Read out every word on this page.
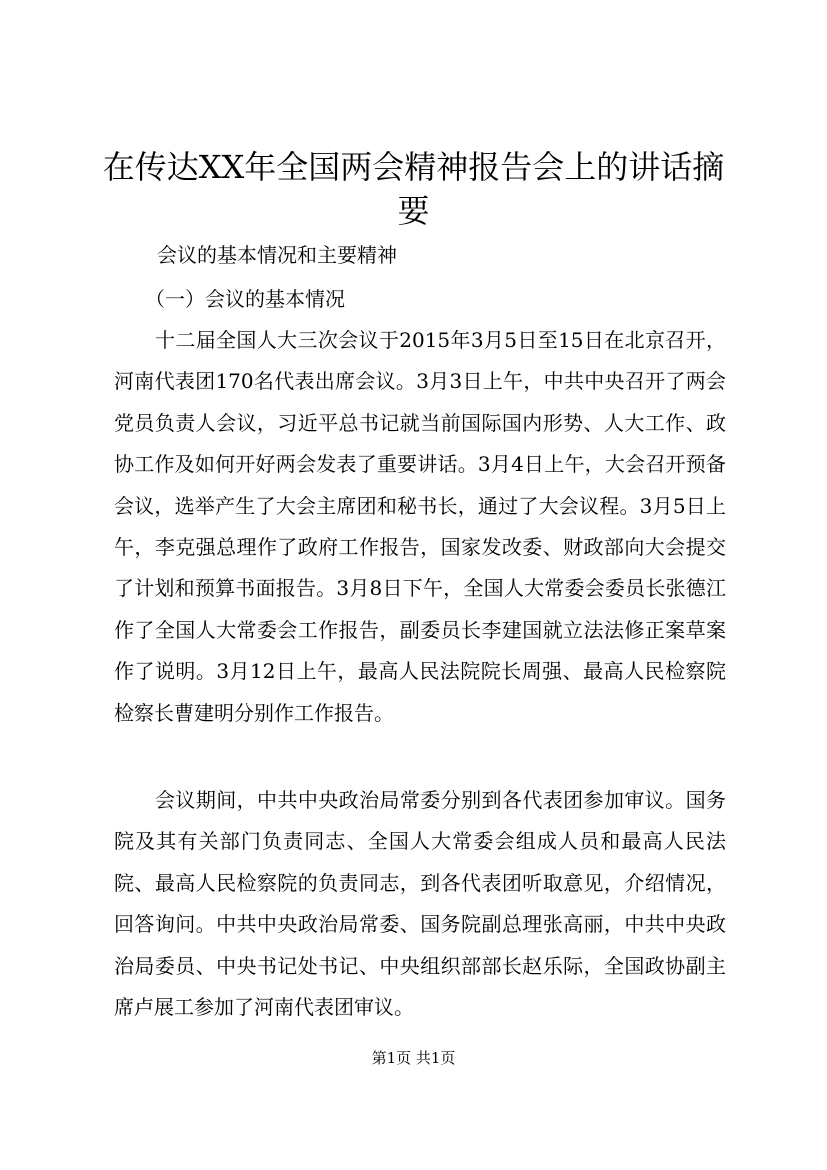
在传达XX年全国两会精神报告会上的讲话摘要

会议的基本情况和主要精神

（一）会议的基本情况

十二届全国人大三次会议于2015年3月5日至15日在北京召开，河南代表团170名代表出席会议。3月3日上午，中共中央召开了两会党员负责人会议，习近平总书记就当前国际国内形势、人大工作、政协工作及如何开好两会发表了重要讲话。3月4日上午，大会召开预备会议，选举产生了大会主席团和秘书长，通过了大会议程。3月5日上午，李克强总理作了政府工作报告，国家发改委、财政部向大会提交了计划和预算书面报告。3月8日下午，全国人大常委会委员长张德江作了全国人大常委会工作报告，副委员长李建国就立法法修正案草案作了说明。3月12日上午，最高人民法院院长周强、最高人民检察院检察长曹建明分别作工作报告。

会议期间，中共中央政治局常委分别到各代表团参加审议。国务院及其有关部门负责同志、全国人大常委会组成人员和最高人民法院、最高人民检察院的负责同志，到各代表团听取意见，介绍情况，回答询问。中共中央政治局常委、国务院副总理张高丽，中共中央政治局委员、中央书记处书记、中央组织部部长赵乐际，全国政协副主席卢展工参加了河南代表团审议。

第1页 共1页
